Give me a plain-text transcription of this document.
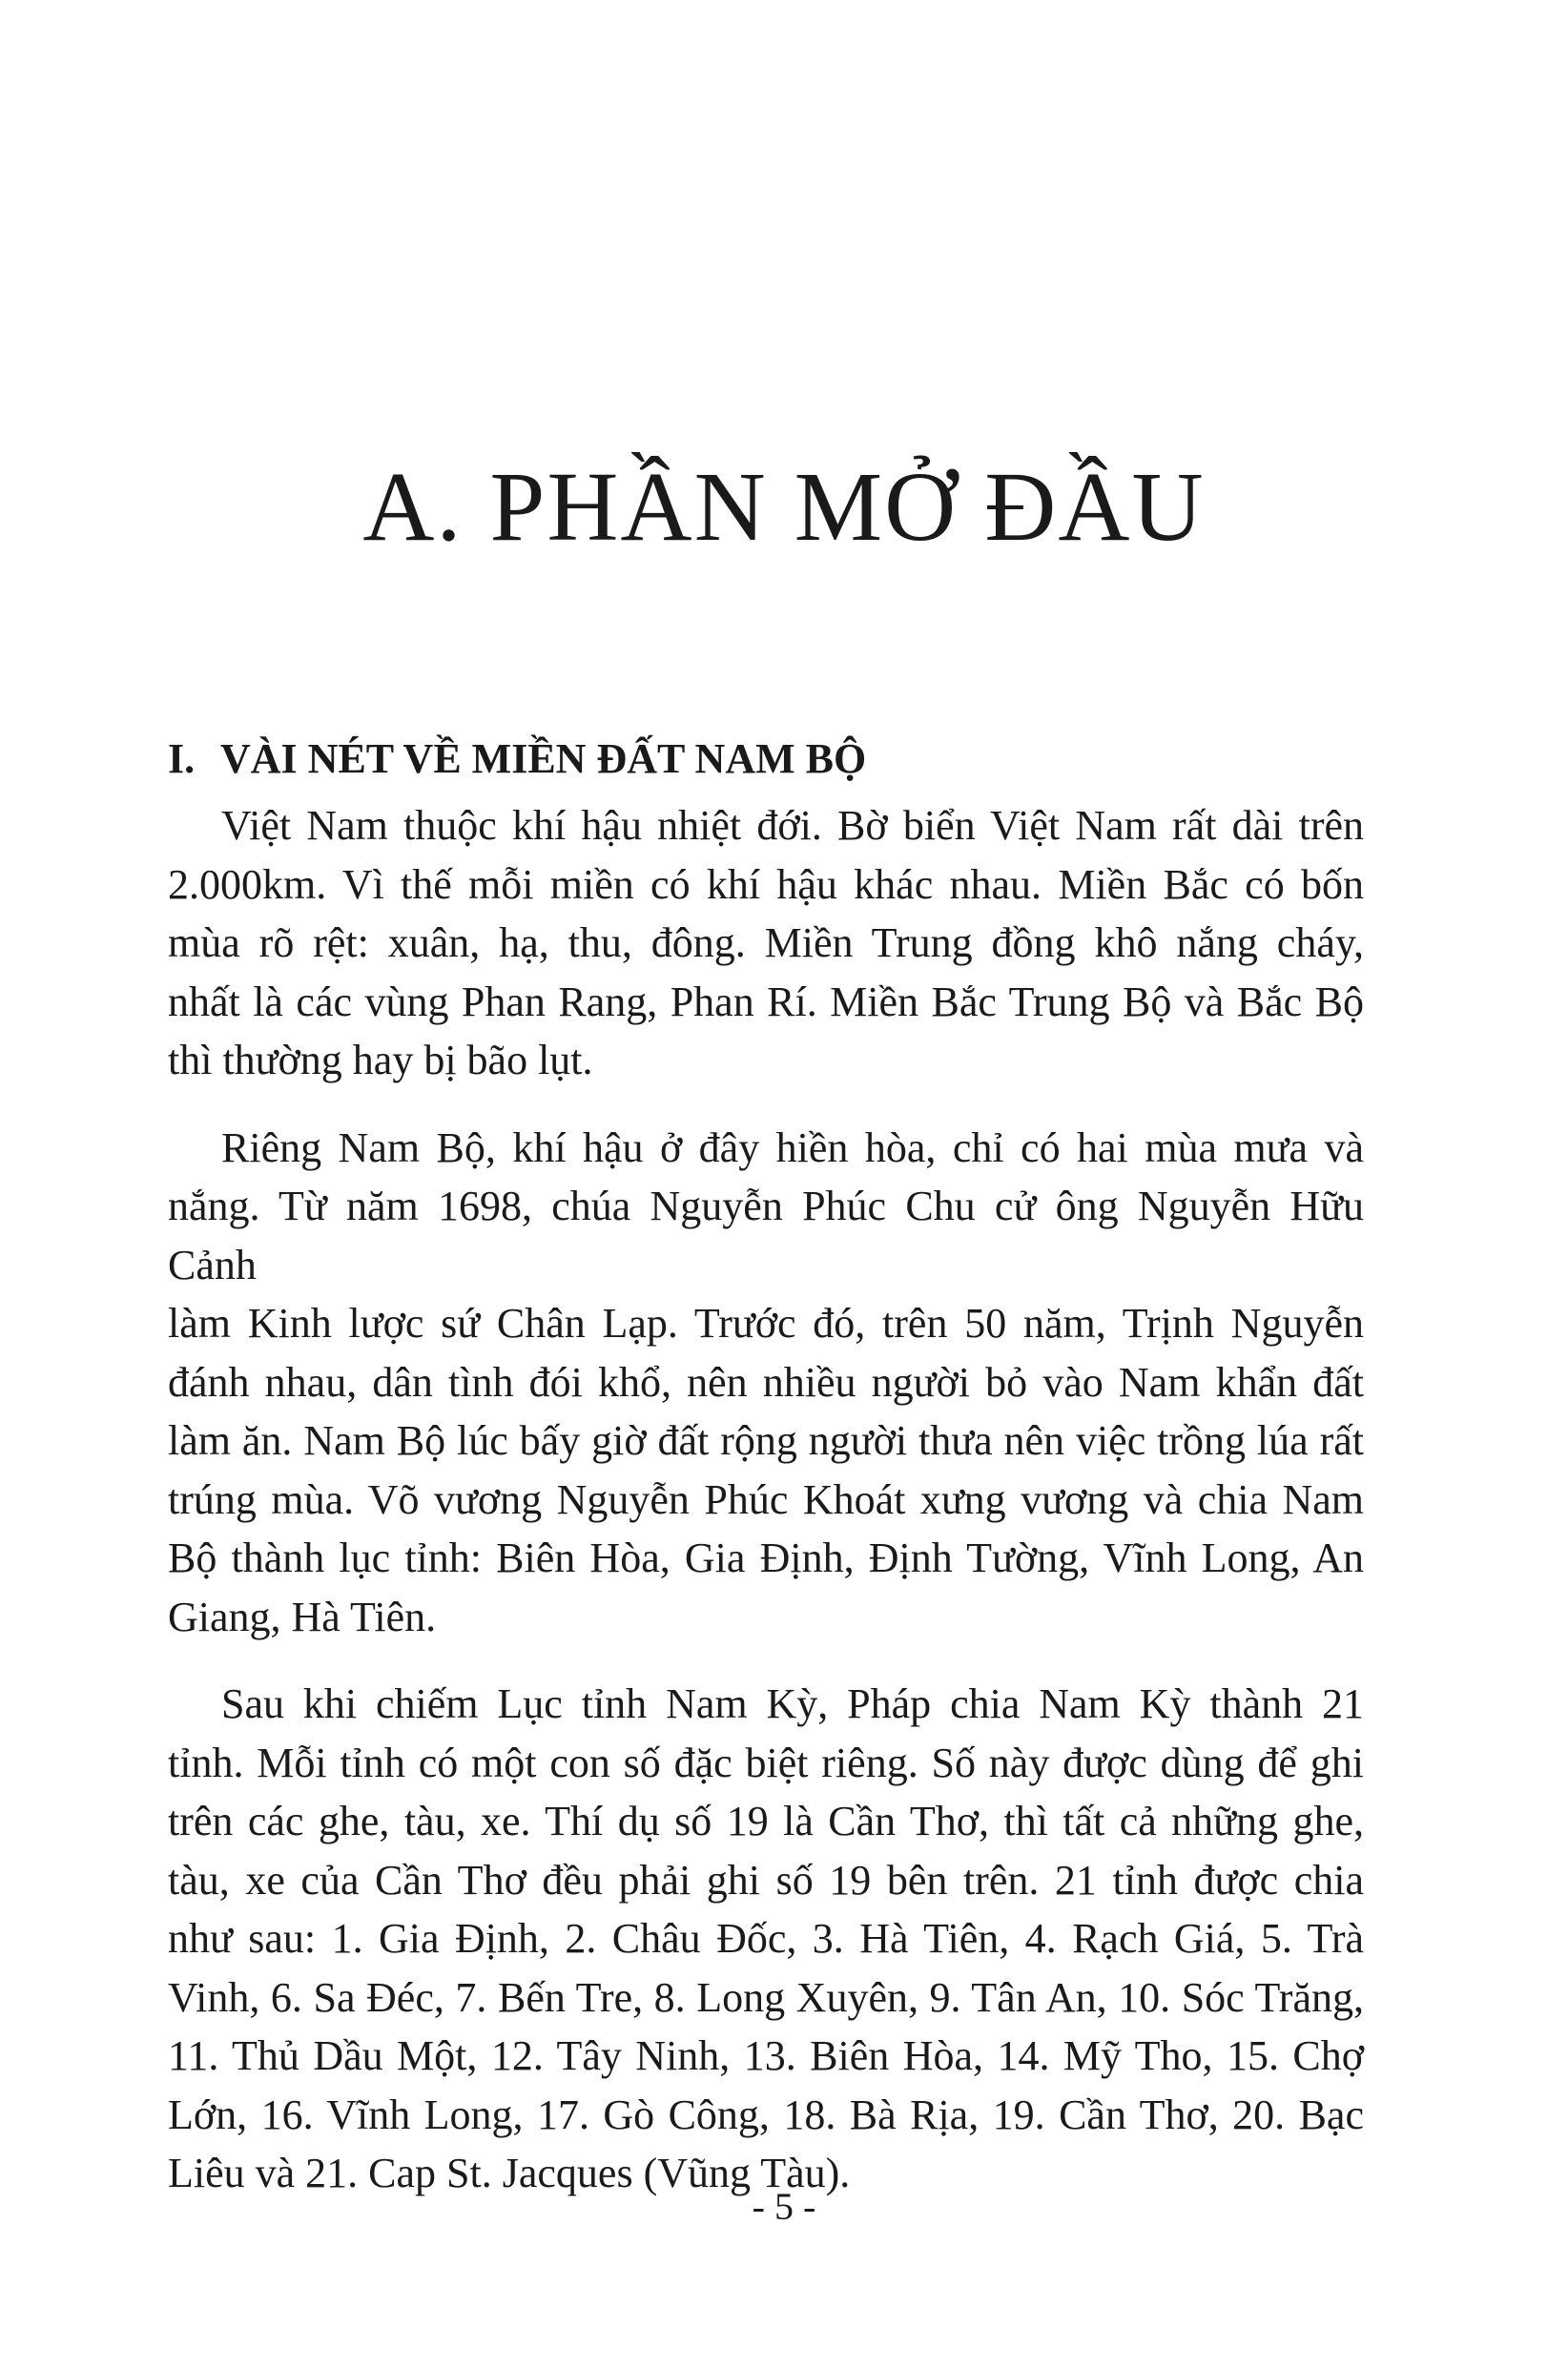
A. PHẦN MỞ ĐẦU
I. VÀI NÉT VỀ MIỀN ĐẤT NAM BỘ

Việt Nam thuộc khí hậu nhiệt đới. Bờ biển Việt Nam rất dài trên
2.000km. Vì thế mỗi miền có khí hậu khác nhau. Miền Bắc có bốn
mùa rõ rệt: xuân, hạ, thu, đông. Miền Trung đồng khô nắng cháy,
nhất là các vùng Phan Rang, Phan Rí. Miền Bắc Trung Bộ và Bắc Bộ
thì thường hay bị bão lụt.

Riêng Nam Bộ, khí hậu ở đây hiền hòa, chỉ có hai mùa mưa và
nắng. Từ năm 1698, chúa Nguyễn Phúc Chu cử ông Nguyễn Hữu Cảnh
làm Kinh lược sứ Chân Lạp. Trước đó, trên 50 năm, Trịnh Nguyễn
đánh nhau, dân tình đói khổ, nên nhiều người bỏ vào Nam khẩn đất
làm ăn. Nam Bộ lúc bấy giờ đất rộng người thưa nên việc trồng lúa rất
trúng mùa. Võ vương Nguyễn Phúc Khoát xưng vương và chia Nam
Bộ thành lục tỉnh: Biên Hòa, Gia Định, Định Tường, Vĩnh Long, An
Giang, Hà Tiên.

Sau khi chiếm Lục tỉnh Nam Kỳ, Pháp chia Nam Kỳ thành 21
tỉnh. Mỗi tỉnh có một con số đặc biệt riêng. Số này được dùng để ghi
trên các ghe, tàu, xe. Thí dụ số 19 là Cần Thơ, thì tất cả những ghe,
tàu, xe của Cần Thơ đều phải ghi số 19 bên trên. 21 tỉnh được chia
như sau: 1. Gia Định, 2. Châu Đốc, 3. Hà Tiên, 4. Rạch Giá, 5. Trà
Vinh, 6. Sa Đéc, 7. Bến Tre, 8. Long Xuyên, 9. Tân An, 10. Sóc Trăng,
11. Thủ Dầu Một, 12. Tây Ninh, 13. Biên Hòa, 14. Mỹ Tho, 15. Chợ
Lớn, 16. Vĩnh Long, 17. Gò Công, 18. Bà Rịa, 19. Cần Thơ, 20. Bạc
Liêu và 21. Cap St. Jacques (Vũng Tàu).

- 5 -
